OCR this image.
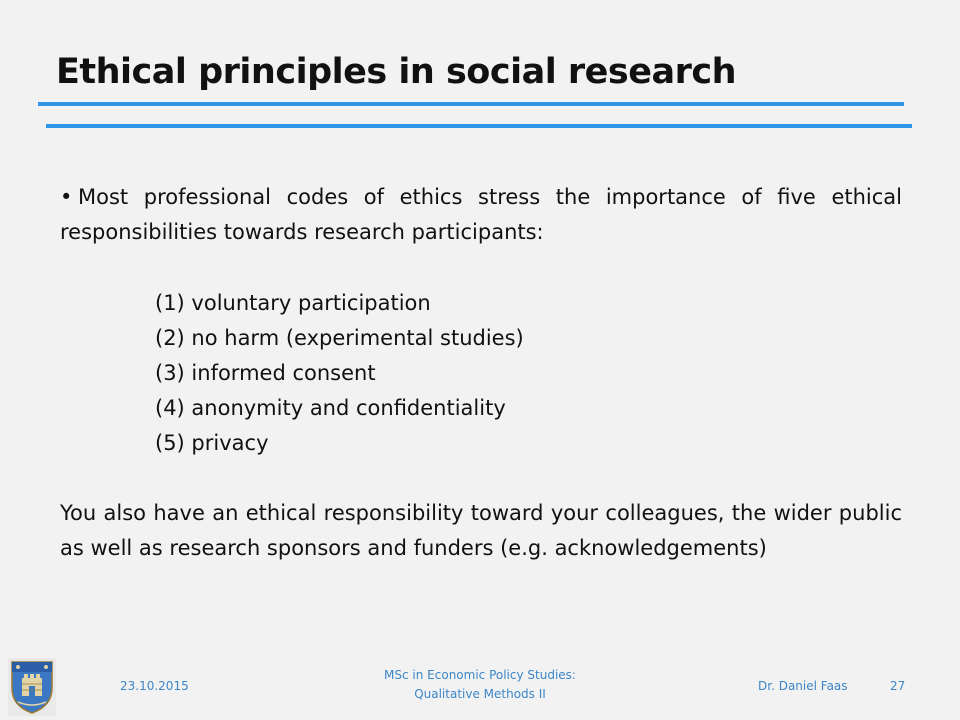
Ethical principles in social research
• Most professional codes of ethics stress the importance of five ethical responsibilities towards research participants:
(1) voluntary participation
(2) no harm (experimental studies)
(3) informed consent
(4) anonymity and confidentiality
(5) privacy
You also have an ethical responsibility toward your colleagues, the wider public as well as research sponsors and funders (e.g. acknowledgements)
23.10.2015
MSc in Economic Policy Studies:
Qualitative Methods II
Dr. Daniel Faas	27
